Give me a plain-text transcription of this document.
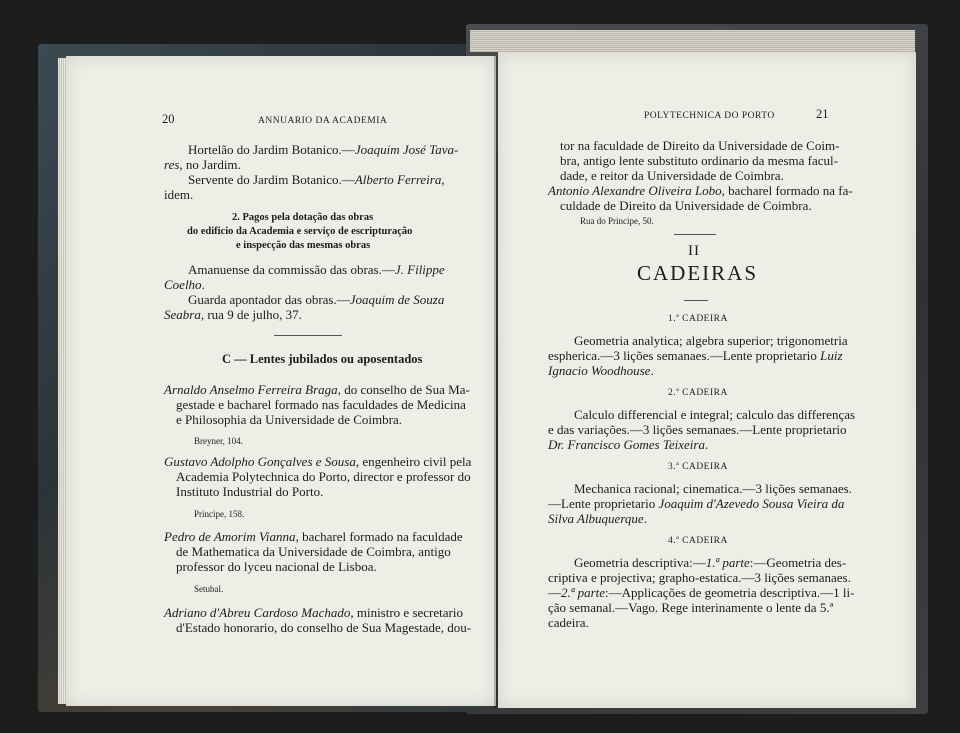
20	ANNUARIO DA ACADEMIA
Hortelão do Jardim Botanico.—Joaquim José Tava-
res, no Jardim.
Servente do Jardim Botanico.—Alberto Ferreira,
idem.
2. Pagos pela dotação das obras
do edificio da Academia e serviço de escripturação
e inspecção das mesmas obras
Amanuense da commissão das obras.—J. Filippe
Coelho.
Guarda apontador das obras.—Joaquim de Souza
Seabra, rua 9 de julho, 37.
C — Lentes jubilados ou aposentados
Arnaldo Anselmo Ferreira Braga, do conselho de Sua Ma-
gestade e bacharel formado nas faculdades de Medicina
e Philosophia da Universidade de Coimbra.
Breyner, 104.
Gustavo Adolpho Gonçalves e Sousa, engenheiro civil pela
Academia Polytechnica do Porto, director e professor do
Instituto Industrial do Porto.
Principe, 158.
Pedro de Amorim Vianna, bacharel formado na faculdade
de Mathematica da Universidade de Coimbra, antigo
professor do lyceu nacional de Lisboa.
Setubal.
Adriano d'Abreu Cardoso Machado, ministro e secretario
d'Estado honorario, do conselho de Sua Magestade, dou-
POLYTECHNICA DO PORTO	21
tor na faculdade de Direito da Universidade de Coim-
bra, antigo lente substituto ordinario da mesma facul-
dade, e reitor da Universidade de Coimbra.
Antonio Alexandre Oliveira Lobo, bacharel formado na fa-
culdade de Direito da Universidade de Coimbra.
Rua do Principe, 50.
II
CADEIRAS
1.ª CADEIRA
Geometria analytica; algebra superior; trigonometria
espherica.—3 lições semanaes.—Lente proprietario Luiz
Ignacio Woodhouse.
2.ª CADEIRA
Calculo differencial e integral; calculo das differenças
e das variações.—3 lições semanaes.—Lente proprietario
Dr. Francisco Gomes Teixeira.
3.ª CADEIRA
Mechanica racional; cinematica.—3 lições semanaes.
—Lente proprietario Joaquim d'Azevedo Sousa Vieira da
Silva Albuquerque.
4.ª CADEIRA
Geometria descriptiva:—1.ª parte:—Geometria des-
criptiva e projectiva; grapho-estatica.—3 lições semanaes.
—2.ª parte:—Applicações de geometria descriptiva.—1 li-
ção semanal.—Vago. Rege interinamente o lente da 5.ª
cadeira.
